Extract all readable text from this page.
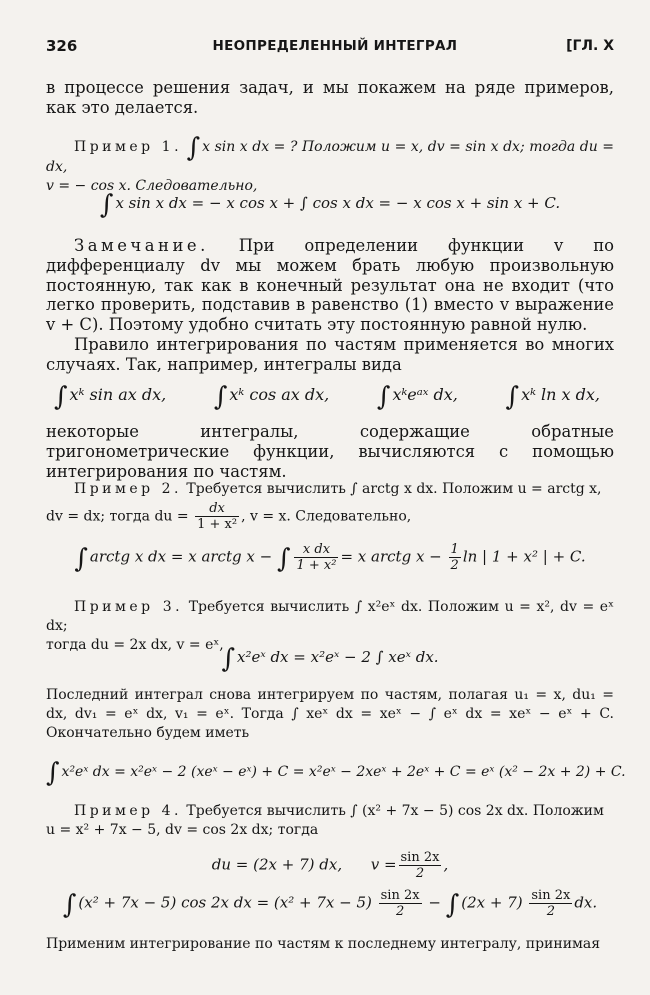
326	НЕОПРЕДЕЛЕННЫЙ ИНТЕГРАЛ	[ГЛ. X

в процессе решения задач, и мы покажем на ряде примеров, как это делается.

Пример 1. ∫ x sin x dx = ? Положим u = x, dv = sin x dx; тогда du = dx,

v = − cos x. Следовательно,

∫ x sin x dx = − x cos x + ∫ cos x dx = − x cos x + sin x + C.

Замечание. При определении функции v по дифференциалу dv мы можем брать любую произвольную постоянную, так как в конечный результат она не входит (что легко проверить, подставив в равенство (1) вместо v выражение v + C). Поэтому удобно считать эту постоянную равной нулю.

Правило интегрирования по частям применяется во многих случаях. Так, например, интегралы вида

∫ xᵏ sin ax dx, ∫ xᵏ cos ax dx, ∫ xᵏeᵃˣ dx, ∫ xᵏ ln x dx,

некоторые интегралы, содержащие обратные тригонометрические функции, вычисляются с помощью интегрирования по частям.

Пример 2. Требуется вычислить ∫ arctg x dx. Положим u = arctg x,

dv = dx; тогда du = $\frac{dx}{\text{1 + x²}}$ , v = x. Следовательно,

∫ arctg x dx = x arctg x − ∫ $\frac{\text{x dx}}{\text{1 + x²}} = x$ arctg $x - \frac{1}{2}$ ln | 1 + x² | + C.

Пример 3. Требуется вычислить ∫ x²eˣ dx. Положим u = x², dv = eˣ dx;

тогда du = 2x dx, v = eˣ,

∫ x²eˣ dx = x²eˣ − 2 ∫ xeˣ dx.

Последний интеграл снова интегрируем по частям, полагая u₁ = x, du₁ = dx, dv₁ = eˣ dx, v₁ = eˣ. Тогда ∫ xeˣ dx = xeˣ − ∫ eˣ dx = xeˣ − eˣ + C. Окончательно будем иметь

∫ x²eˣ dx = x²eˣ − 2 (xeˣ − eˣ) + C = x²eˣ − 2xeˣ + 2eˣ + C = eˣ (x² − 2x + 2) + C.

Пример 4. Требуется вычислить ∫ (x² + 7x − 5) cos 2x dx. Положим

u = x² + 7x − 5, dv = cos 2x dx; тогда

du = (2x + 7) dx, $v = \frac{\sin 2x}{2}$ ,
∫ (x² + 7x − 5) cos 2x dx = $(x^2 + 7x - 5) \frac{\sin 2x}{2}$ − ∫ $(2x + 7) \frac{\sin 2x}{2}$ dx.

Применим интегрирование по частям к последнему интегралу, принимая
